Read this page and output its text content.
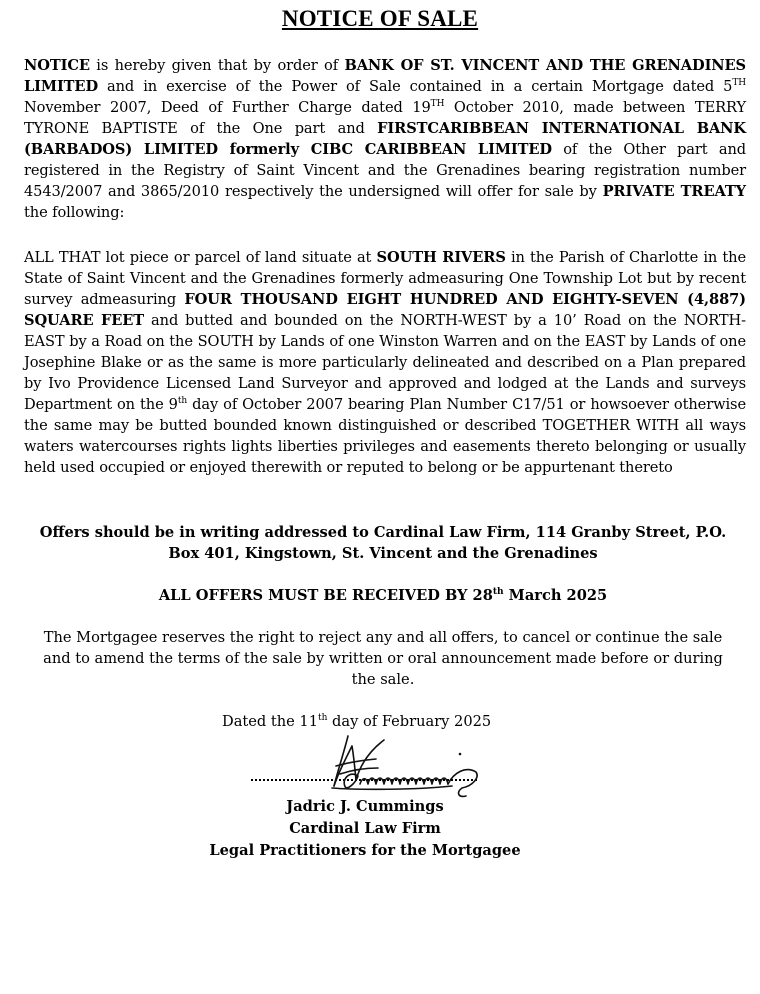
NOTICE OF SALE
NOTICE is hereby given that by order of BANK OF ST. VINCENT AND THE GRENADINES LIMITED and in exercise of the Power of Sale contained in a certain Mortgage dated 5TH November 2007, Deed of Further Charge dated 19TH October 2010, made between TERRY TYRONE BAPTISTE of the One part and FIRSTCARIBBEAN INTERNATIONAL BANK (BARBADOS) LIMITED formerly CIBC CARIBBEAN LIMITED of the Other part and registered in the Registry of Saint Vincent and the Grenadines bearing registration number 4543/2007 and 3865/2010 respectively the undersigned will offer for sale by PRIVATE TREATY the following:
ALL THAT lot piece or parcel of land situate at SOUTH RIVERS in the Parish of Charlotte in the State of Saint Vincent and the Grenadines formerly admeasuring One Township Lot but by recent survey admeasuring FOUR THOUSAND EIGHT HUNDRED AND EIGHTY-SEVEN (4,887) SQUARE FEET and butted and bounded on the NORTH-WEST by a 10’ Road on the NORTH-EAST by a Road on the SOUTH by Lands of one Winston Warren and on the EAST by Lands of one Josephine Blake or as the same is more particularly delineated and described on a Plan prepared by Ivo Providence Licensed Land Surveyor and approved and lodged at the Lands and surveys Department on the 9th day of October 2007 bearing Plan Number C17/51 or howsoever otherwise the same may be butted bounded known distinguished or described TOGETHER WITH all ways waters watercourses rights lights liberties privileges and easements thereto belonging or usually held used occupied or enjoyed therewith or reputed to belong or be appurtenant thereto
Offers should be in writing addressed to Cardinal Law Firm, 114 Granby Street, P.O.
Box 401, Kingstown, St. Vincent and the Grenadines
ALL OFFERS MUST BE RECEIVED BY 28th March 2025
The Mortgagee reserves the right to reject any and all offers, to cancel or continue the sale
and to amend the terms of the sale by written or oral announcement made before or during
the sale.
Dated the 11th day of February 2025
Jadric J. Cummings
Cardinal Law Firm
Legal Practitioners for the Mortgagee
